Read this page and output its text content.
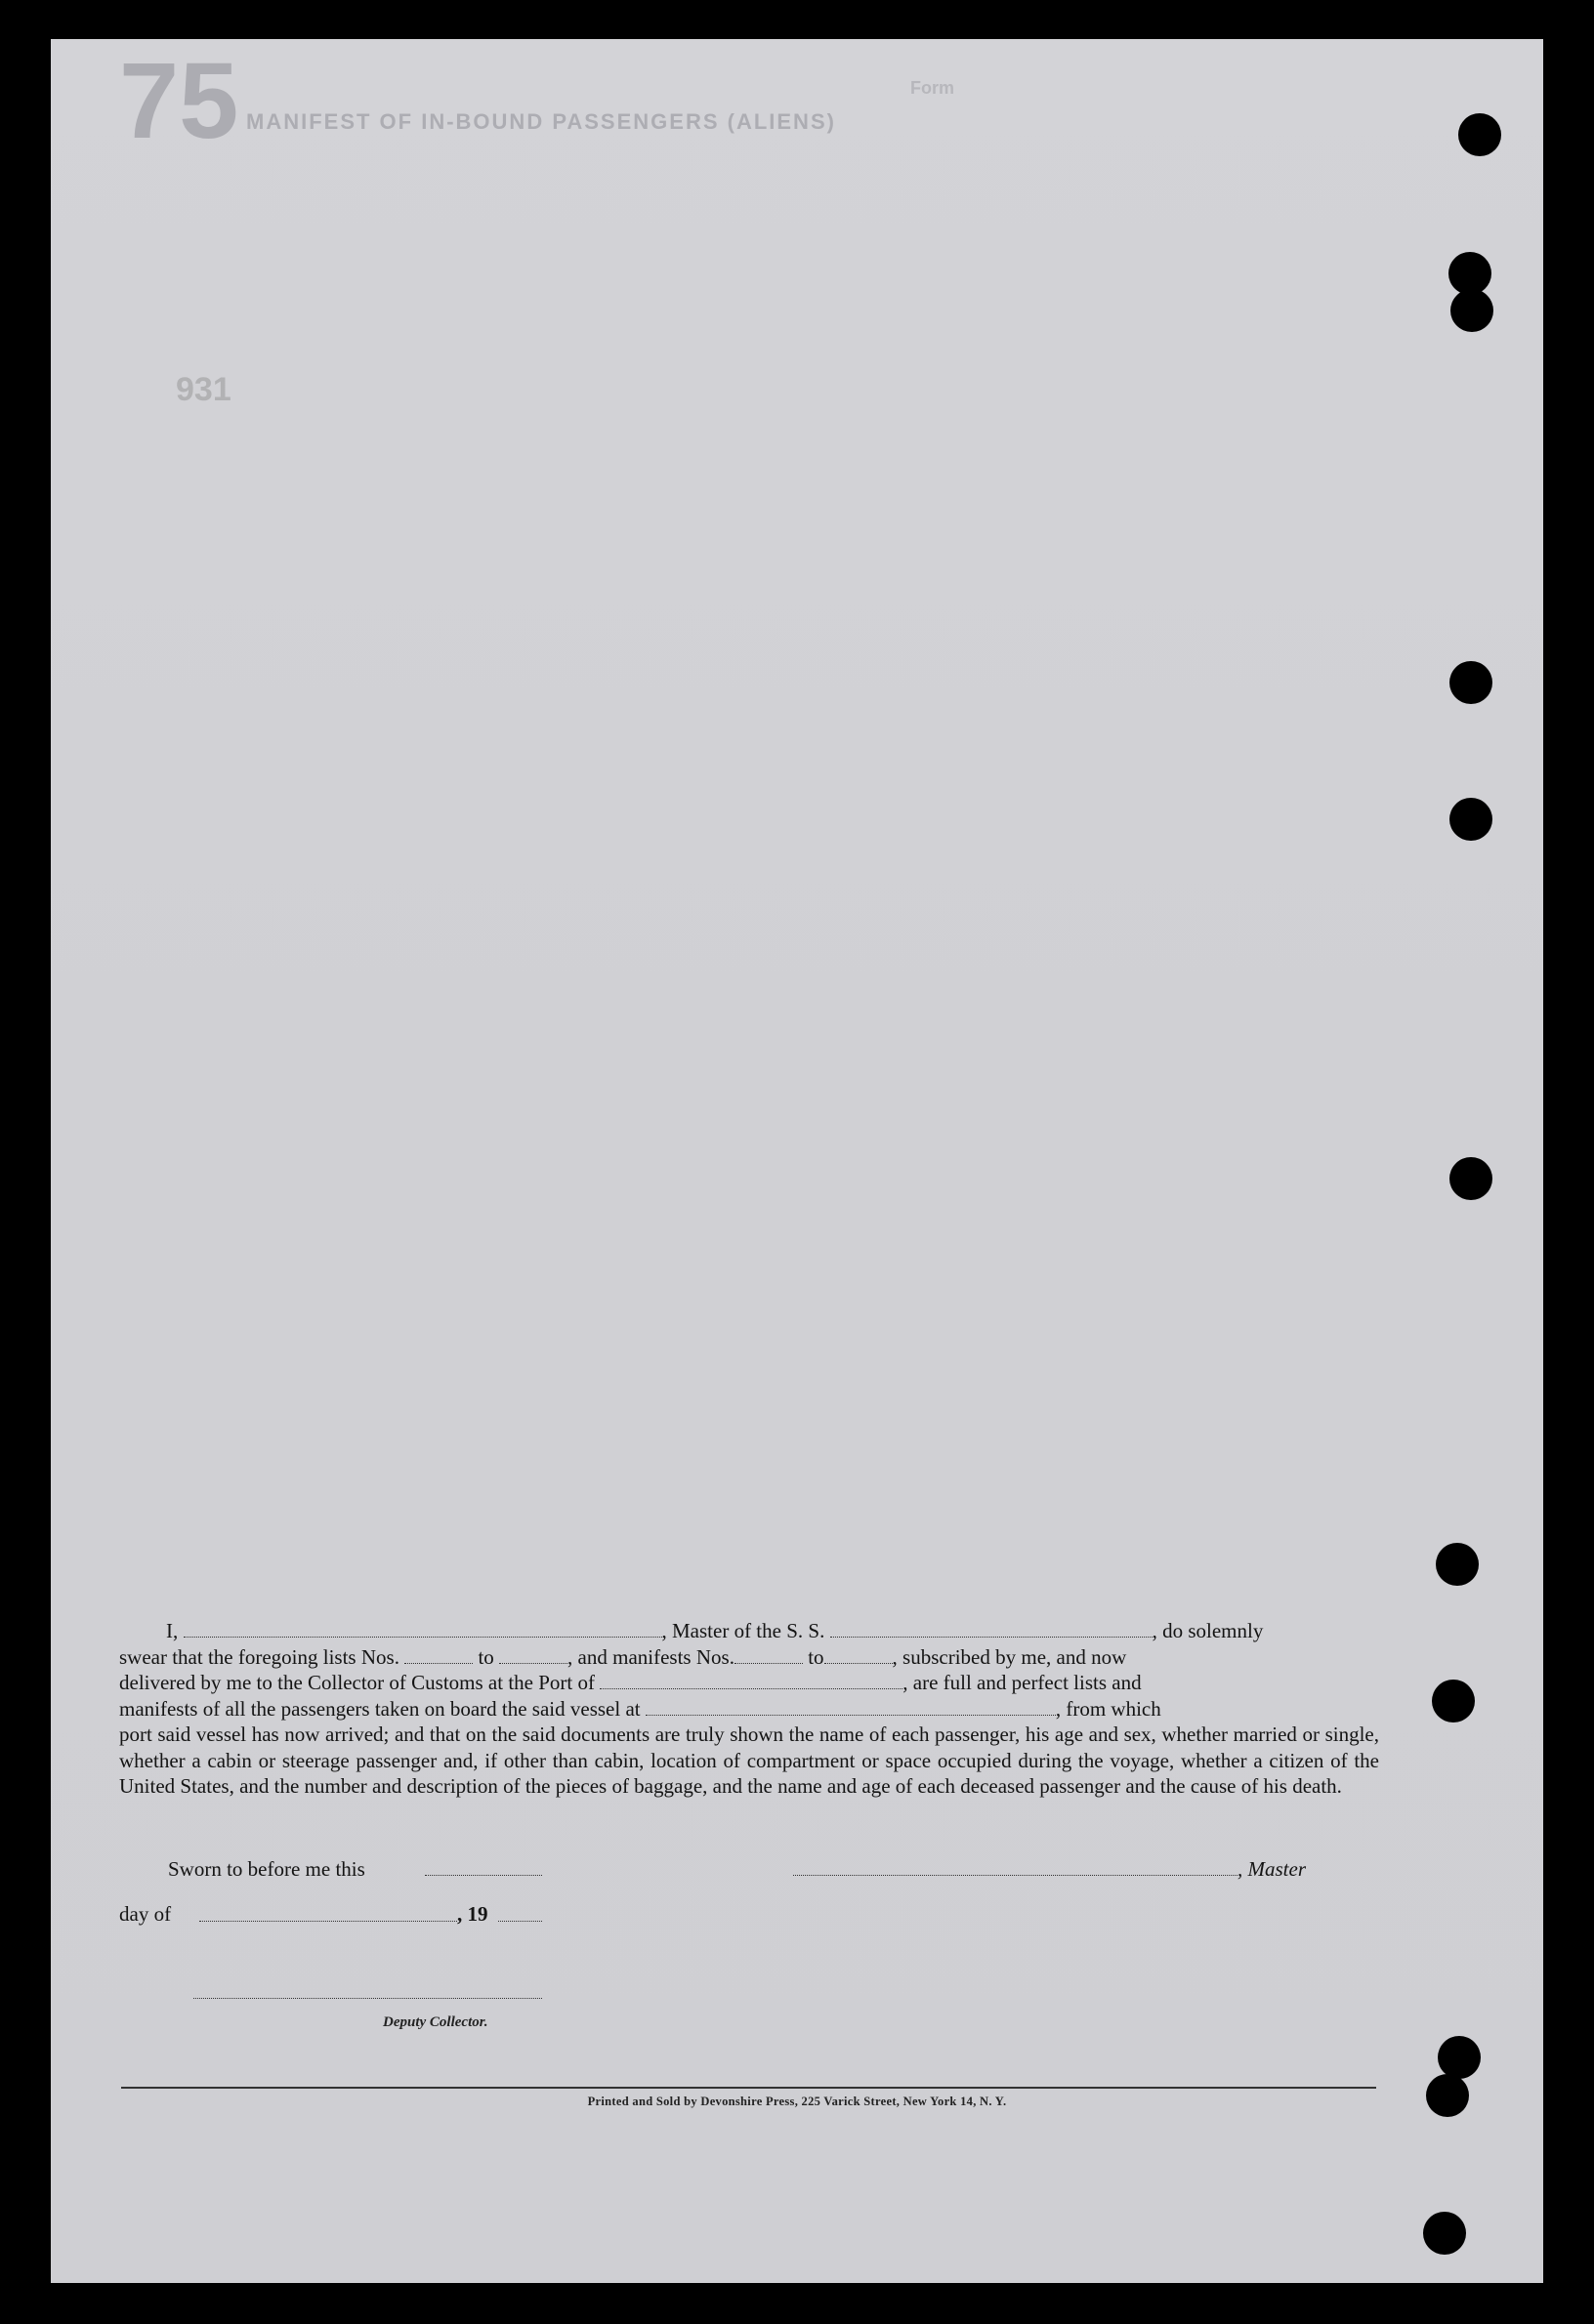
75 MANIFEST OF IN-BOUND PASSENGERS (ALIENS)
931
Form
I,	, Master of the S. S.	, do solemnly
swear that the foregoing lists Nos.	to	, and manifests Nos.	to	, subscribed by me, and now
delivered by me to the Collector of Customs at the Port of	, are full and perfect lists and
manifests of all the passengers taken on board the said vessel at	, from which
port said vessel has now arrived; and that on the said documents are truly shown the name of each passenger, his age and sex, whether married or single, whether a cabin or steerage passenger and, if other than cabin, location of compartment or space occupied during the voyage, whether a citizen of the United States, and the number and description of the pieces of baggage, and the name and age of each deceased passenger and the cause of his death.
Sworn to before me this	, Master
day of	, 19
Deputy Collector.
Printed and Sold by Devonshire Press, 225 Varick Street, New York 14, N. Y.
